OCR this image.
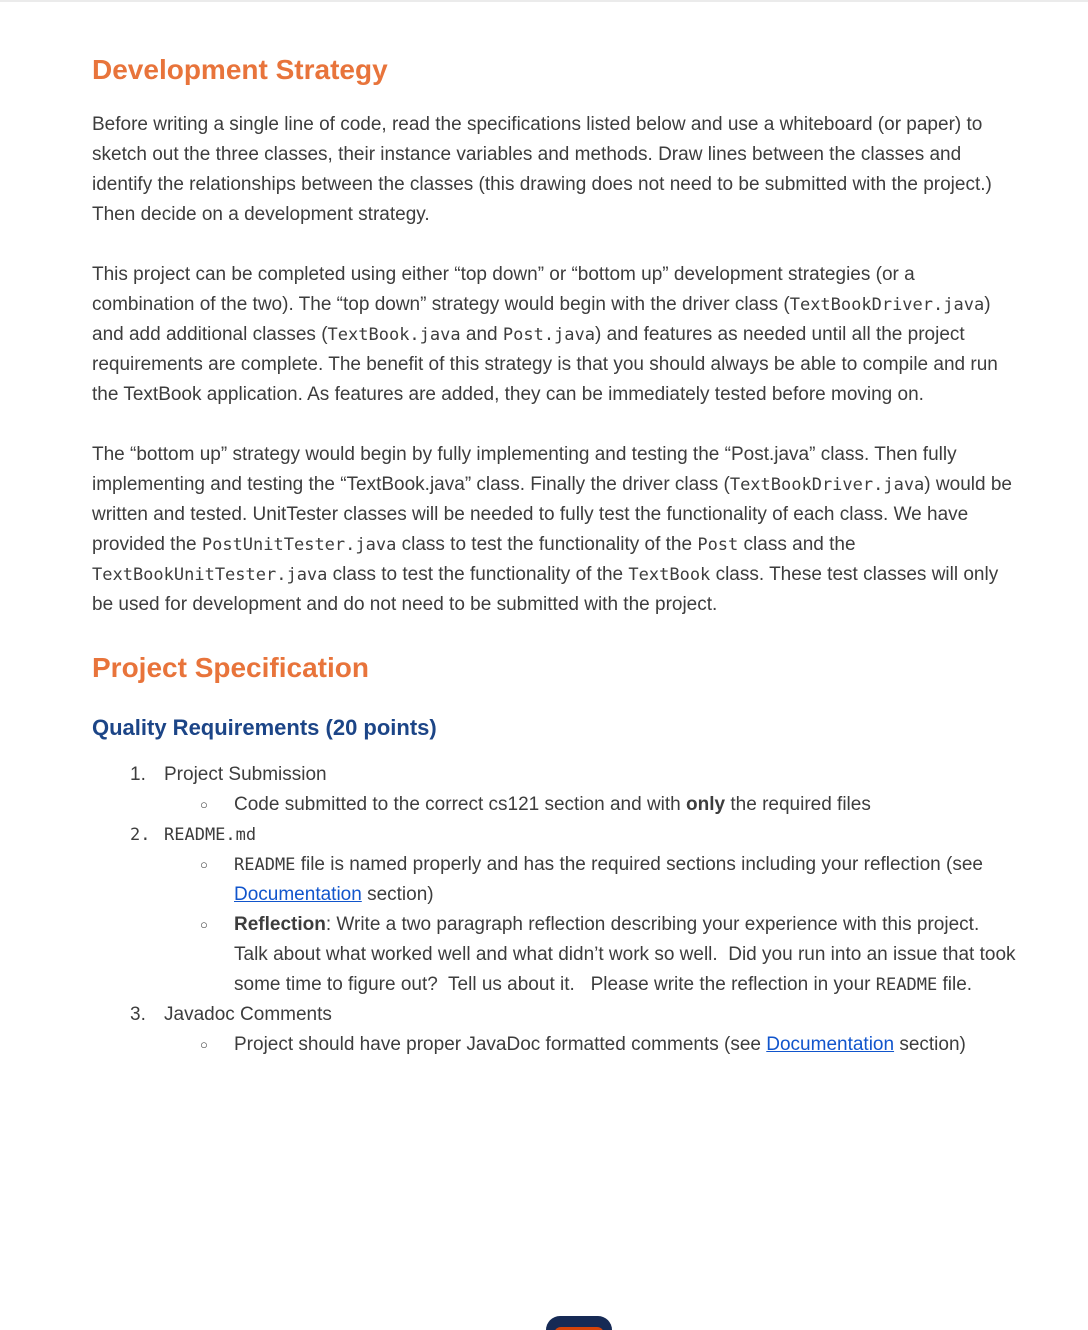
Development Strategy

Before writing a single line of code, read the specifications listed below and use a whiteboard (or paper) to sketch out the three classes, their instance variables and methods. Draw lines between the classes and identify the relationships between the classes (this drawing does not need to be submitted with the project.) Then decide on a development strategy.

This project can be completed using either “top down” or “bottom up” development strategies (or a combination of the two). The “top down” strategy would begin with the driver class (TextBookDriver.java) and add additional classes (TextBook.java and Post.java) and features as needed until all the project requirements are complete. The benefit of this strategy is that you should always be able to compile and run the TextBook application. As features are added, they can be immediately tested before moving on.

The “bottom up” strategy would begin by fully implementing and testing the “Post.java” class. Then fully implementing and testing the “TextBook.java” class. Finally the driver class (TextBookDriver.java) would be written and tested. UnitTester classes will be needed to fully test the functionality of each class. We have provided the PostUnitTester.java class to test the functionality of the Post class and the TextBookUnitTester.java class to test the functionality of the TextBook class. These test classes will only be used for development and do not need to be submitted with the project.

Project Specification
Quality Requirements (20 points)
1. Project Submission
○	Code submitted to the correct cs121 section and with only the required files
2. README.md
○	README file is named properly and has the required sections including your reflection (see Documentation section)
○	Reflection: Write a two paragraph reflection describing your experience with this project.  Talk about what worked well and what didn’t work so well.  Did you run into an issue that took some time to figure out?  Tell us about it.   Please write the reflection in your README file.
3. Javadoc Comments
○	Project should have proper JavaDoc formatted comments (see Documentation section)
